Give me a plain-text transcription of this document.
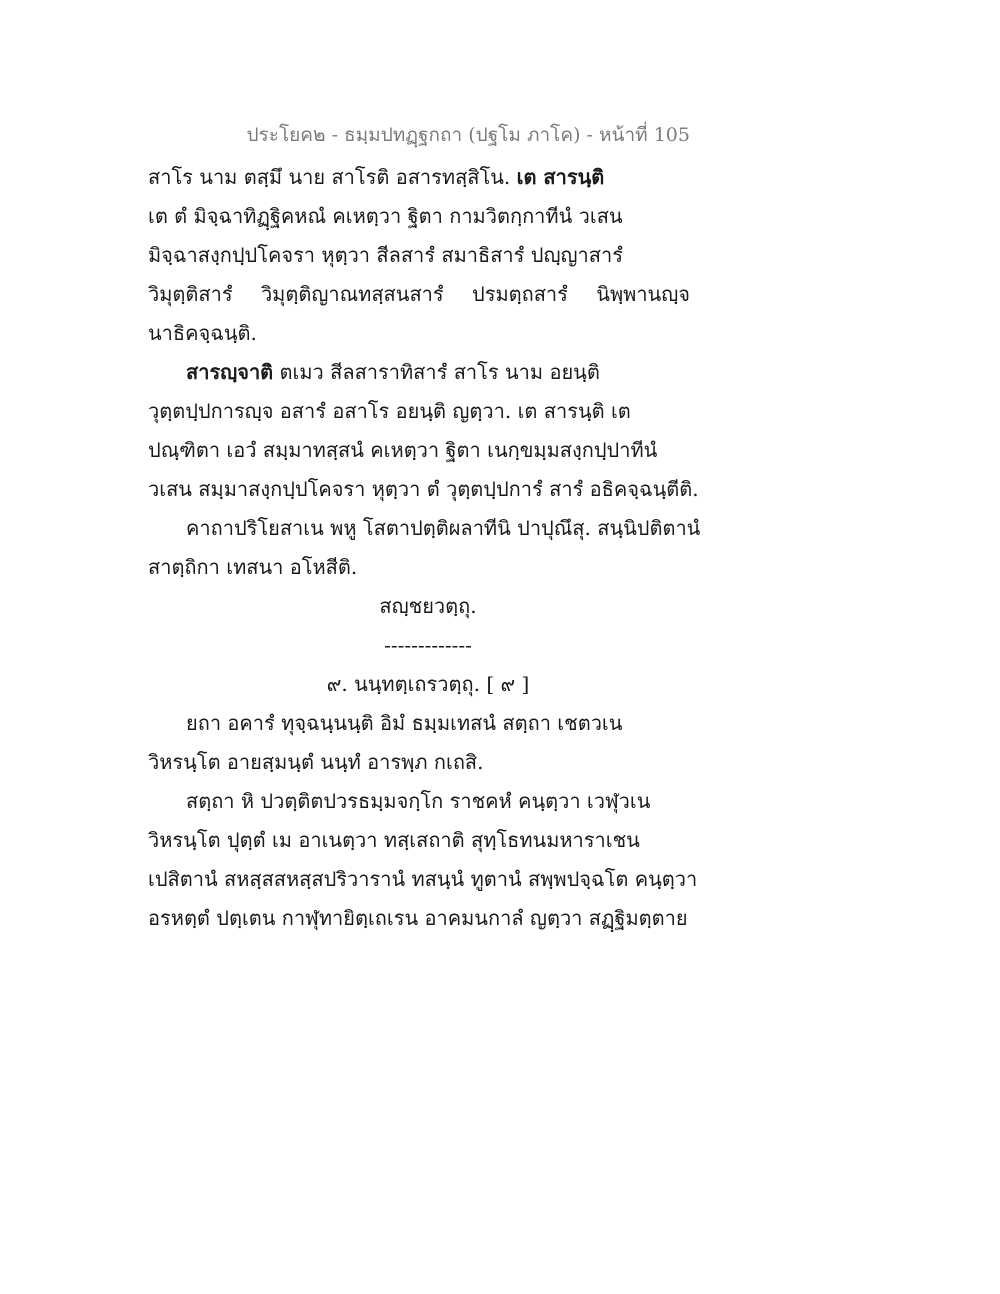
ประโยค๒ - ธมฺมปทฏฺฐกถา (ปฐโม ภาโค) - หน้าที่ 105
สาโร นาม ตสฺมึ นาย สาโรติ อสารทสฺสิโน. เต สารนฺติ
เต ตํ มิจฺฉาทิฏฺฐิคหณํ คเหตฺวา ฐิตา กามวิตกฺกาทีนํ วเสน
มิจฺฉาสงฺกปฺปโคจรา หุตฺวา สีลสารํ สมาธิสารํ ปญฺญาสารํ
วิมุตฺติสารํ วิมุตฺติญาณทสฺสนสารํ ปรมตฺถสารํ นิพฺพานญฺจ
นาธิคจฺฉนฺติ.
สารญฺจาติ ตเมว สีลสาราทิสารํ สาโร นาม อยนฺติ
วุตฺตปฺปการญฺจ อสารํ อสาโร อยนฺติ ญตฺวา. เต สารนฺติ เต
ปณฺฑิตา เอวํ สมฺมาทสฺสนํ คเหตฺวา ฐิตา เนกฺขมฺมสงฺกปฺปาทีนํ
วเสน สมฺมาสงฺกปฺปโคจรา หุตฺวา ตํ วุตฺตปฺปการํ สารํ อธิคจฺฉนฺตีติ.
คาถาปริโยสาเน พหู โสตาปตฺติผลาทีนิ ปาปุณึสุ. สนฺนิปติตานํ
สาตฺถิกา เทสนา อโหสีติ.
สญฺชยวตฺถุ.
-------------
๙. นนฺทตฺเถรวตฺถุ. [ ๙ ]
ยถา อคารํ ทุจฺฉนฺนนฺติ อิมํ ธมฺมเทสนํ สตฺถา เชตวเน
วิหรนฺโต อายสฺมนฺตํ นนฺทํ อารพฺภ กเถสิ.
สตฺถา หิ ปวตฺติตปวรธมฺมจกฺโก ราชคหํ คนฺตฺวา เวฬุวเน
วิหรนฺโต ปุตฺตํ เม อาเนตฺวา ทสฺเสถาติ สุทฺโธทนมหาราเชน
เปสิตานํ สหสฺสสหสฺสปริวารานํ ทสนฺนํ ทูตานํ สพฺพปจฺฉโต คนฺตฺวา
อรหตฺตํ ปตฺเตน กาฬุทายิตฺเถเรน อาคมนกาลํ ญตฺวา สฏฺฐิมตฺตาย
